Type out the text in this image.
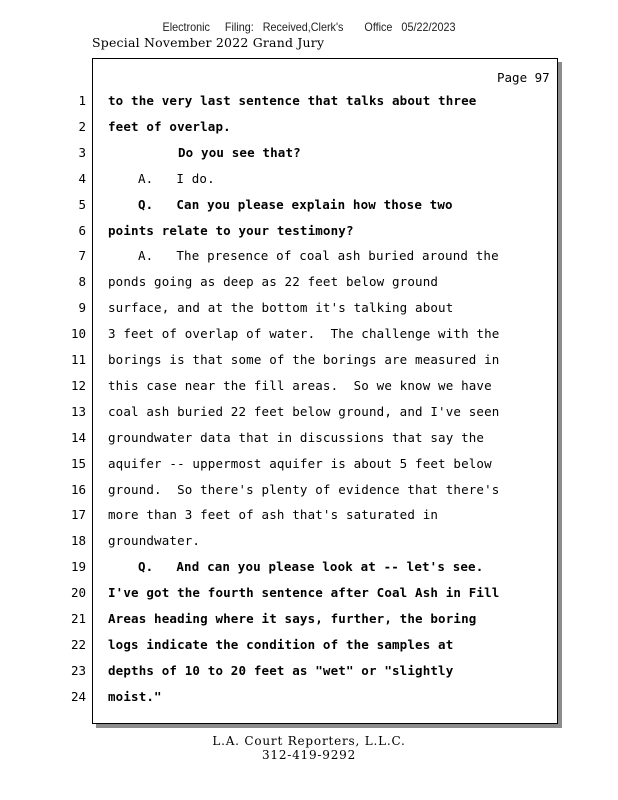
Electronic     Filing:   Received,Clerk's       Office   05/22/2023
Special November 2022 Grand Jury
Page 97
1 to the very last sentence that talks about three
2 feet of overlap.
3	Do you see that?
4	A.   I do.
5	Q.   Can you please explain how those two
6 points relate to your testimony?
7	A.   The presence of coal ash buried around the
8 ponds going as deep as 22 feet below ground
9 surface, and at the bottom it's talking about
10 3 feet of overlap of water.  The challenge with the
11 borings is that some of the borings are measured in
12 this case near the fill areas.  So we know we have
13 coal ash buried 22 feet below ground, and I've seen
14 groundwater data that in discussions that say the
15 aquifer -- uppermost aquifer is about 5 feet below
16 ground.  So there's plenty of evidence that there's
17 more than 3 feet of ash that's saturated in
18 groundwater.
19	Q.   And can you please look at -- let's see.
20 I've got the fourth sentence after Coal Ash in Fill
21 Areas heading where it says, further, the boring
22 logs indicate the condition of the samples at
23 depths of 10 to 20 feet as "wet" or "slightly
24 moist."
L.A. Court Reporters, L.L.C.
312-419-9292
